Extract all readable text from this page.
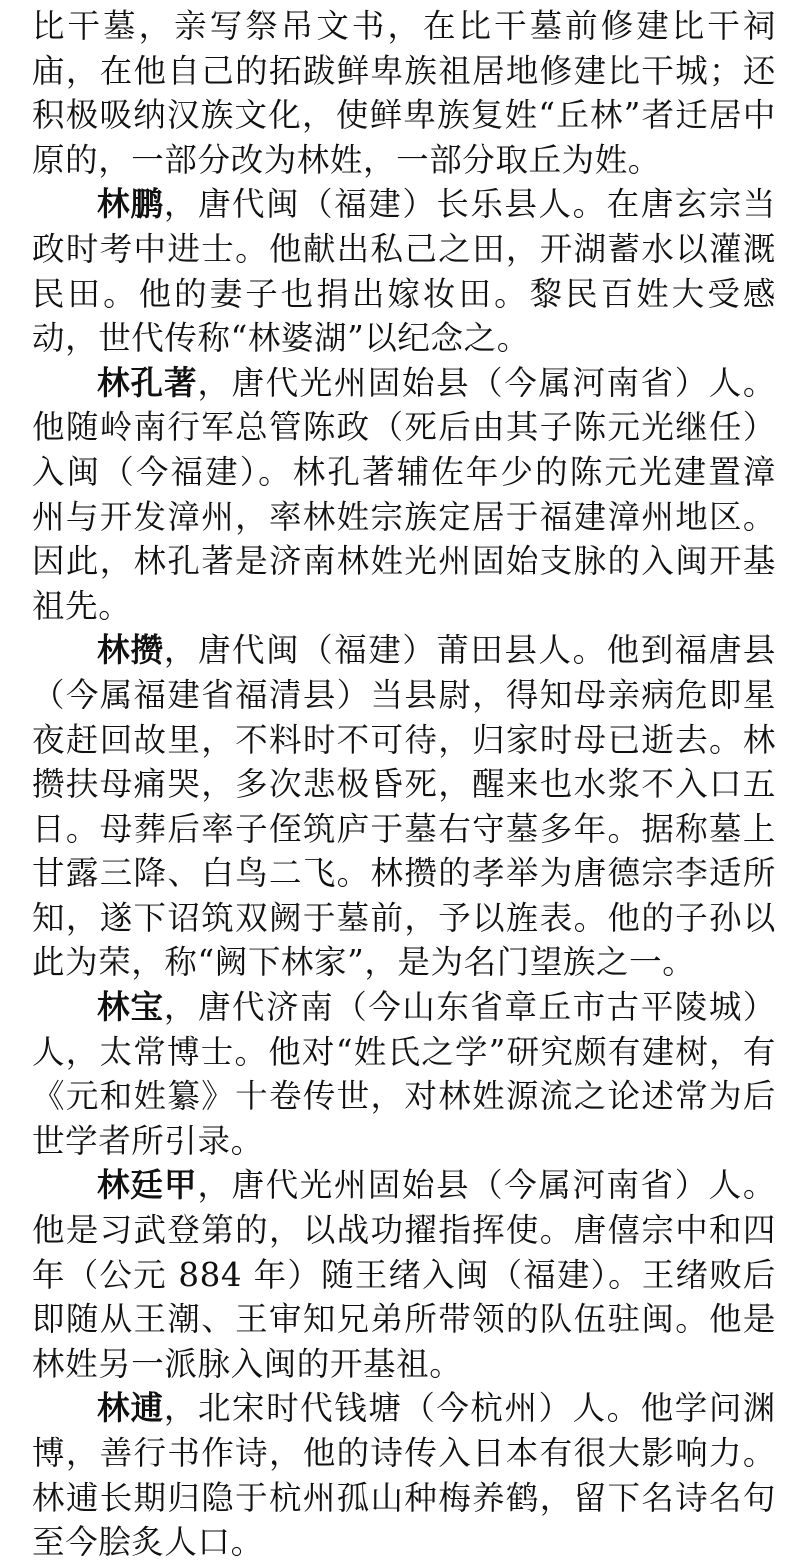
比干墓，亲写祭吊文书，在比干墓前修建比干祠庙，在他自己的拓跋鲜卑族祖居地修建比干城；还积极吸纳汉族文化，使鲜卑族复姓“丘林”者迁居中原的，一部分改为林姓，一部分取丘为姓。

林鹏，唐代闽（福建）长乐县人。在唐玄宗当政时考中进士。他献出私己之田，开湖蓄水以灌溉民田。他的妻子也捐出嫁妆田。黎民百姓大受感动，世代传称“林婆湖”以纪念之。

林孔著，唐代光州固始县（今属河南省）人。他随岭南行军总管陈政（死后由其子陈元光继任）入闽（今福建）。林孔著辅佐年少的陈元光建置漳州与开发漳州，率林姓宗族定居于福建漳州地区。因此，林孔著是济南林姓光州固始支脉的入闽开基祖先。

林攒，唐代闽（福建）莆田县人。他到福唐县（今属福建省福清县）当县尉，得知母亲病危即星夜赶回故里，不料时不可待，归家时母已逝去。林攒扶母痛哭，多次悲极昏死，醒来也水浆不入口五日。母葬后率子侄筑庐于墓右守墓多年。据称墓上甘露三降、白鸟二飞。林攒的孝举为唐德宗李适所知，遂下诏筑双阙于墓前，予以旌表。他的子孙以此为荣，称“阙下林家”，是为名门望族之一。

林宝，唐代济南（今山东省章丘市古平陵城）人，太常博士。他对“姓氏之学”研究颇有建树，有《元和姓纂》十卷传世，对林姓源流之论述常为后世学者所引录。

林廷甲，唐代光州固始县（今属河南省）人。他是习武登第的，以战功擢指挥使。唐僖宗中和四年（公元 884 年）随王绪入闽（福建）。王绪败后即随从王潮、王审知兄弟所带领的队伍驻闽。他是林姓另一派脉入闽的开基祖。

林逋，北宋时代钱塘（今杭州）人。他学问渊博，善行书作诗，他的诗传入日本有很大影响力。林逋长期归隐于杭州孤山种梅养鹤，留下名诗名句至今脍炙人口。
